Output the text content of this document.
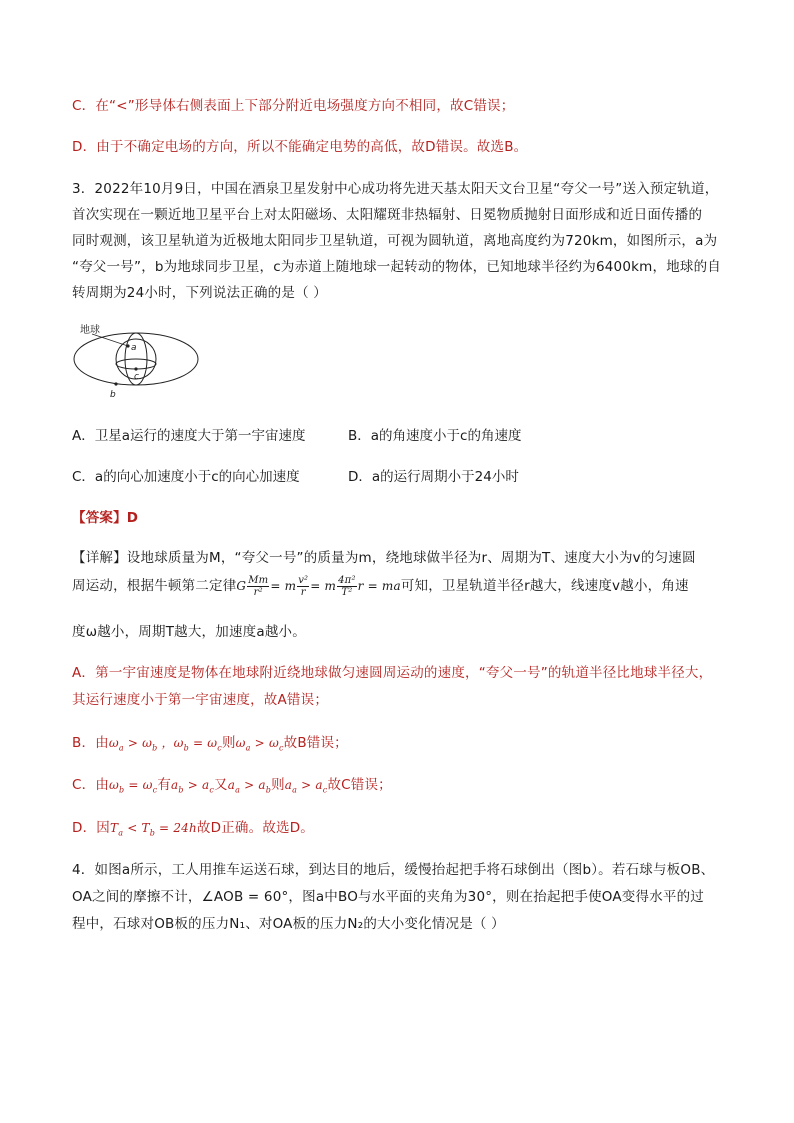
C．在“<”形导体右侧表面上下部分附近电场强度方向不相同，故C错误；
D．由于不确定电场的方向，所以不能确定电势的高低，故D错误。故选B。
3．2022年10月9日，中国在酒泉卫星发射中心成功将先进天基太阳天文台卫星“夸父一号”送入预定轨道，
首次实现在一颗近地卫星平台上对太阳磁场、太阳耀斑非热辐射、日冕物质抛射日面形成和近日面传播的
同时观测，该卫星轨道为近极地太阳同步卫星轨道，可视为圆轨道，离地高度约为720km，如图所示，a为
“夸父一号”，b为地球同步卫星，c为赤道上随地球一起转动的物体，已知地球半径约为6400km，地球的自
转周期为24小时，下列说法正确的是（ ）
地球
a
c
b
A．卫星a运行的速度大于第一宇宙速度	B．a的角速度小于c的角速度
C．a的向心加速度小于c的向心加速度	D．a的运行周期小于24小时
【答案】D
【详解】设地球质量为M，“夸父一号”的质量为m，绕地球做半径为r、周期为T、速度大小为v的匀速圆
周运动，根据牛顿第二定律G $\frac{Mm}{\text{r²}} = m \frac{\text{v²}}{r} = m \frac{\text{4π²}}{\text{T²}}$ r = ma可知，卫星轨道半径r越大，线速度v越小，角速
度ω越小，周期T越大，加速度a越小。
A．第一宇宙速度是物体在地球附近绕地球做匀速圆周运动的速度，“夸父一号”的轨道半径比地球半径大，
其运行速度小于第一宇宙速度，故A错误；
B．由$\omega_a > \omega_b$ ，$\omega_b = \omega_c$则$\omega_a > \omega_c$故B错误；
C．由$\omega_b = \omega_c$有$a_b > a_c$又$a_a > a_b$则$a_a > a_c$故C错误；
D．因$T_a < T_b = 24h$故D正确。故选D。
4．如图a所示，工人用推车运送石球，到达目的地后，缓慢抬起把手将石球倒出（图b）。若石球与板OB、
OA之间的摩擦不计，∠AOB = 60°，图a中BO与水平面的夹角为30°，则在抬起把手使OA变得水平的过
程中，石球对OB板的压力N₁、对OA板的压力N₂的大小变化情况是（ ）
